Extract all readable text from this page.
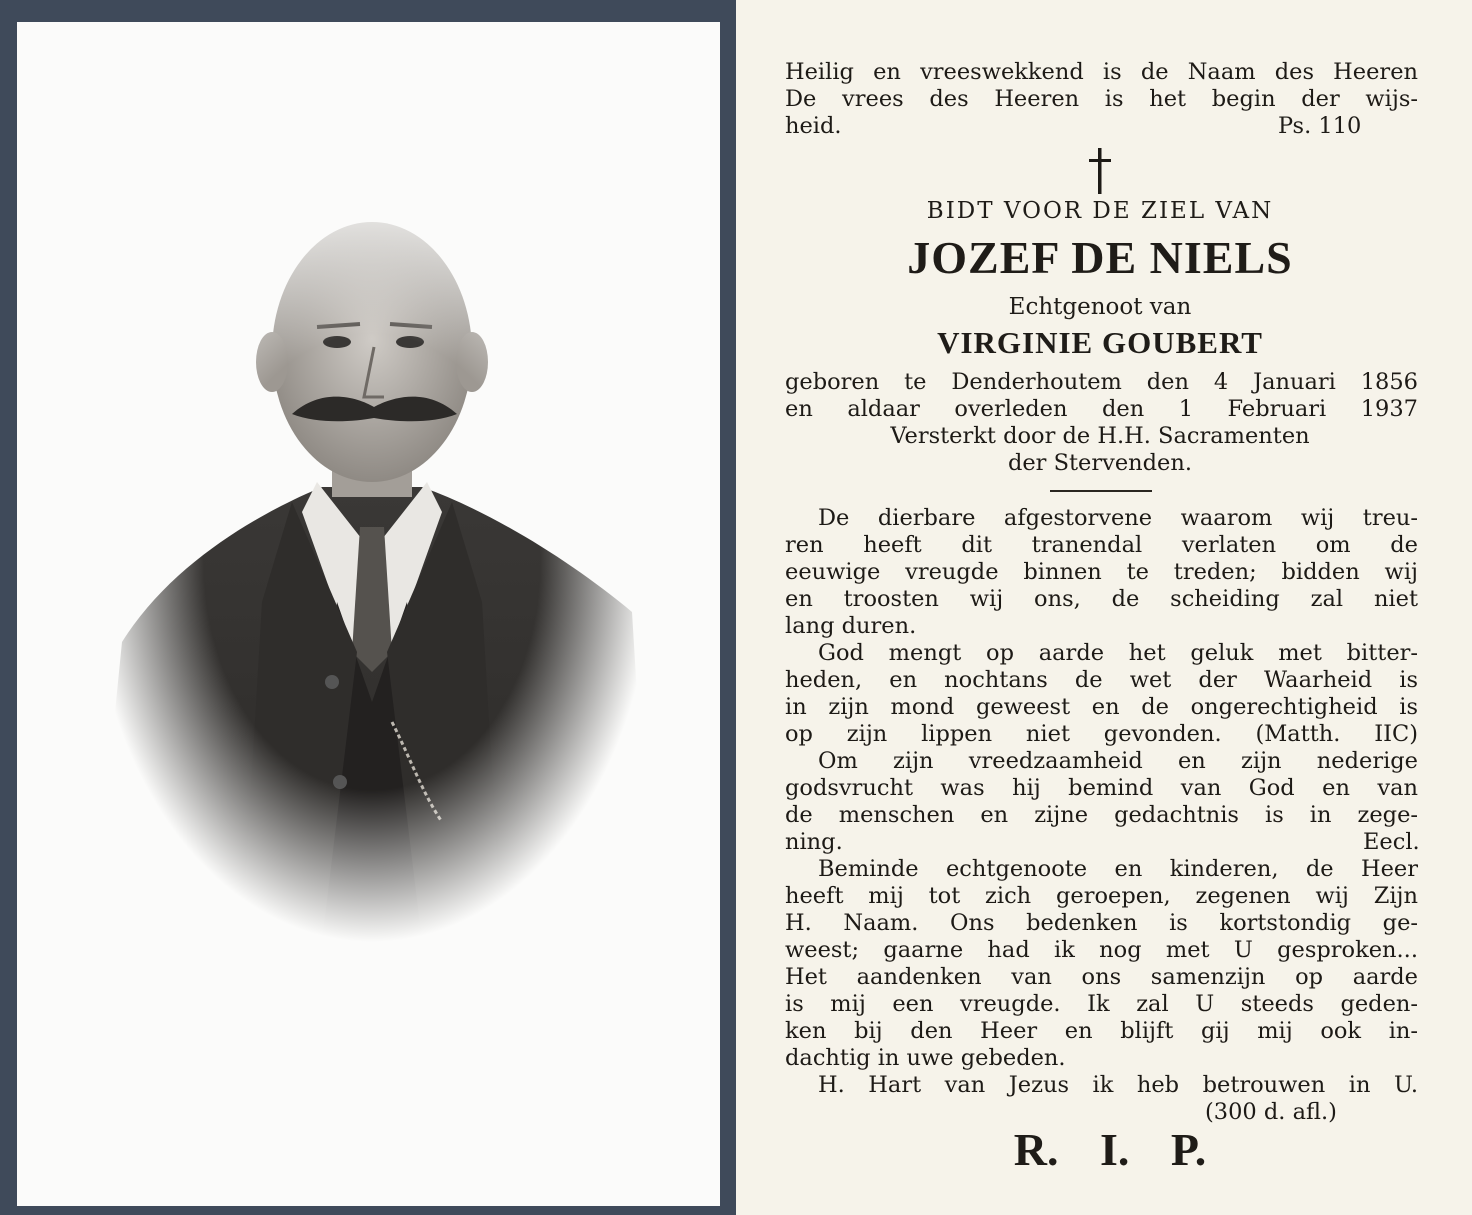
Heilig en vreeswekkend is de Naam des Heeren
De vrees des Heeren is het begin der wijs-
heid.	Ps. 110
BIDT VOOR DE ZIEL VAN
JOZEF DE NIELS
Echtgenoot van
VIRGINIE GOUBERT
geboren te Denderhoutem den 4 Januari 1856
en aldaar overleden den 1 Februari 1937
Versterkt door de H.H. Sacramenten
der Stervenden.
De dierbare afgestorvene waarom wij treu-
ren heeft dit tranendal verlaten om de
eeuwige vreugde binnen te treden; bidden wij
en troosten wij ons, de scheiding zal niet
lang duren.
God mengt op aarde het geluk met bitter-
heden, en nochtans de wet der Waarheid is
in zijn mond geweest en de ongerechtigheid is
op zijn lippen niet gevonden. (Matth. IIC)
Om zijn vreedzaamheid en zijn nederige
godsvrucht was hij bemind van God en van
de menschen en zijne gedachtnis is in zege-
ning.	Eecl.
Beminde echtgenoote en kinderen, de Heer
heeft mij tot zich geroepen, zegenen wij Zijn
H. Naam. Ons bedenken is kortstondig ge-
weest; gaarne had ik nog met U gesproken...
Het aandenken van ons samenzijn op aarde
is mij een vreugde. Ik zal U steeds geden-
ken bij den Heer en blijft gij mij ook in-
dachtig in uwe gebeden.
H. Hart van Jezus ik heb betrouwen in U.
(300 d. afl.)
R. I. P.
